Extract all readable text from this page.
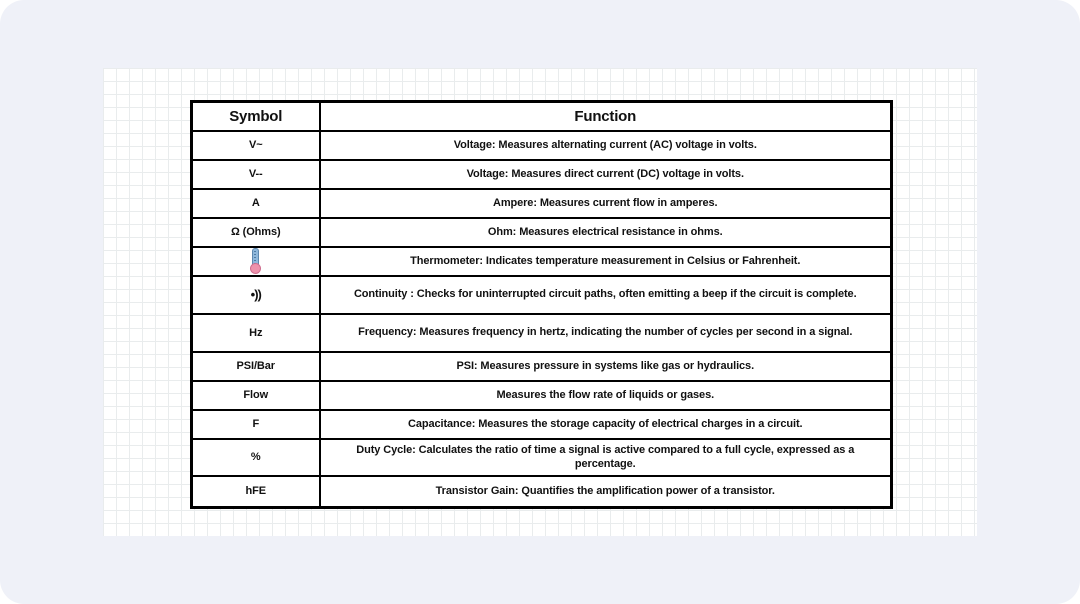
Symbol	Function
V~	Voltage: Measures alternating current (AC) voltage in volts.
V--	Voltage: Measures direct current (DC) voltage in volts.
A	Ampere: Measures current flow in amperes.
Ω (Ohms)	Ohm: Measures electrical resistance in ohms.

	Thermometer: Indicates temperature measurement in Celsius or Fahrenheit.
•))	Continuity : Checks for uninterrupted circuit paths, often emitting a beep if the circuit is complete.
Hz	Frequency: Measures frequency in hertz, indicating the number of cycles per second in a signal.
PSI/Bar	PSI: Measures pressure in systems like gas or hydraulics.
Flow	Measures the flow rate of liquids or gases.
F	Capacitance: Measures the storage capacity of electrical charges in a circuit.
%	Duty Cycle: Calculates the ratio of time a signal is active compared to a full cycle, expressed as a percentage.
hFE	Transistor Gain: Quantifies the amplification power of a transistor.
